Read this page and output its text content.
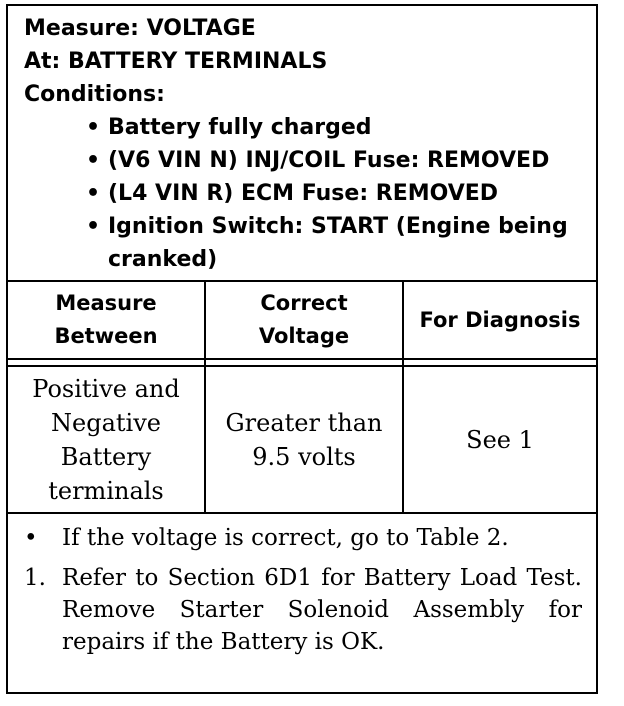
Measure: VOLTAGE
At: BATTERY TERMINALS
Conditions:
• Battery fully charged
• (V6 VIN N) INJ/COIL Fuse: REMOVED
• (L4 VIN R) ECM Fuse: REMOVED
• Ignition Switch: START (Engine being
cranked)
Measure Between
Correct Voltage
For Diagnosis
Positive and Negative Battery terminals
Greater than 9.5 volts
See 1
• If the voltage is correct, go to Table 2.
1. Refer to Section 6D1 for Battery Load Test. Remove Starter Solenoid Assembly for repairs if the Battery is OK.
